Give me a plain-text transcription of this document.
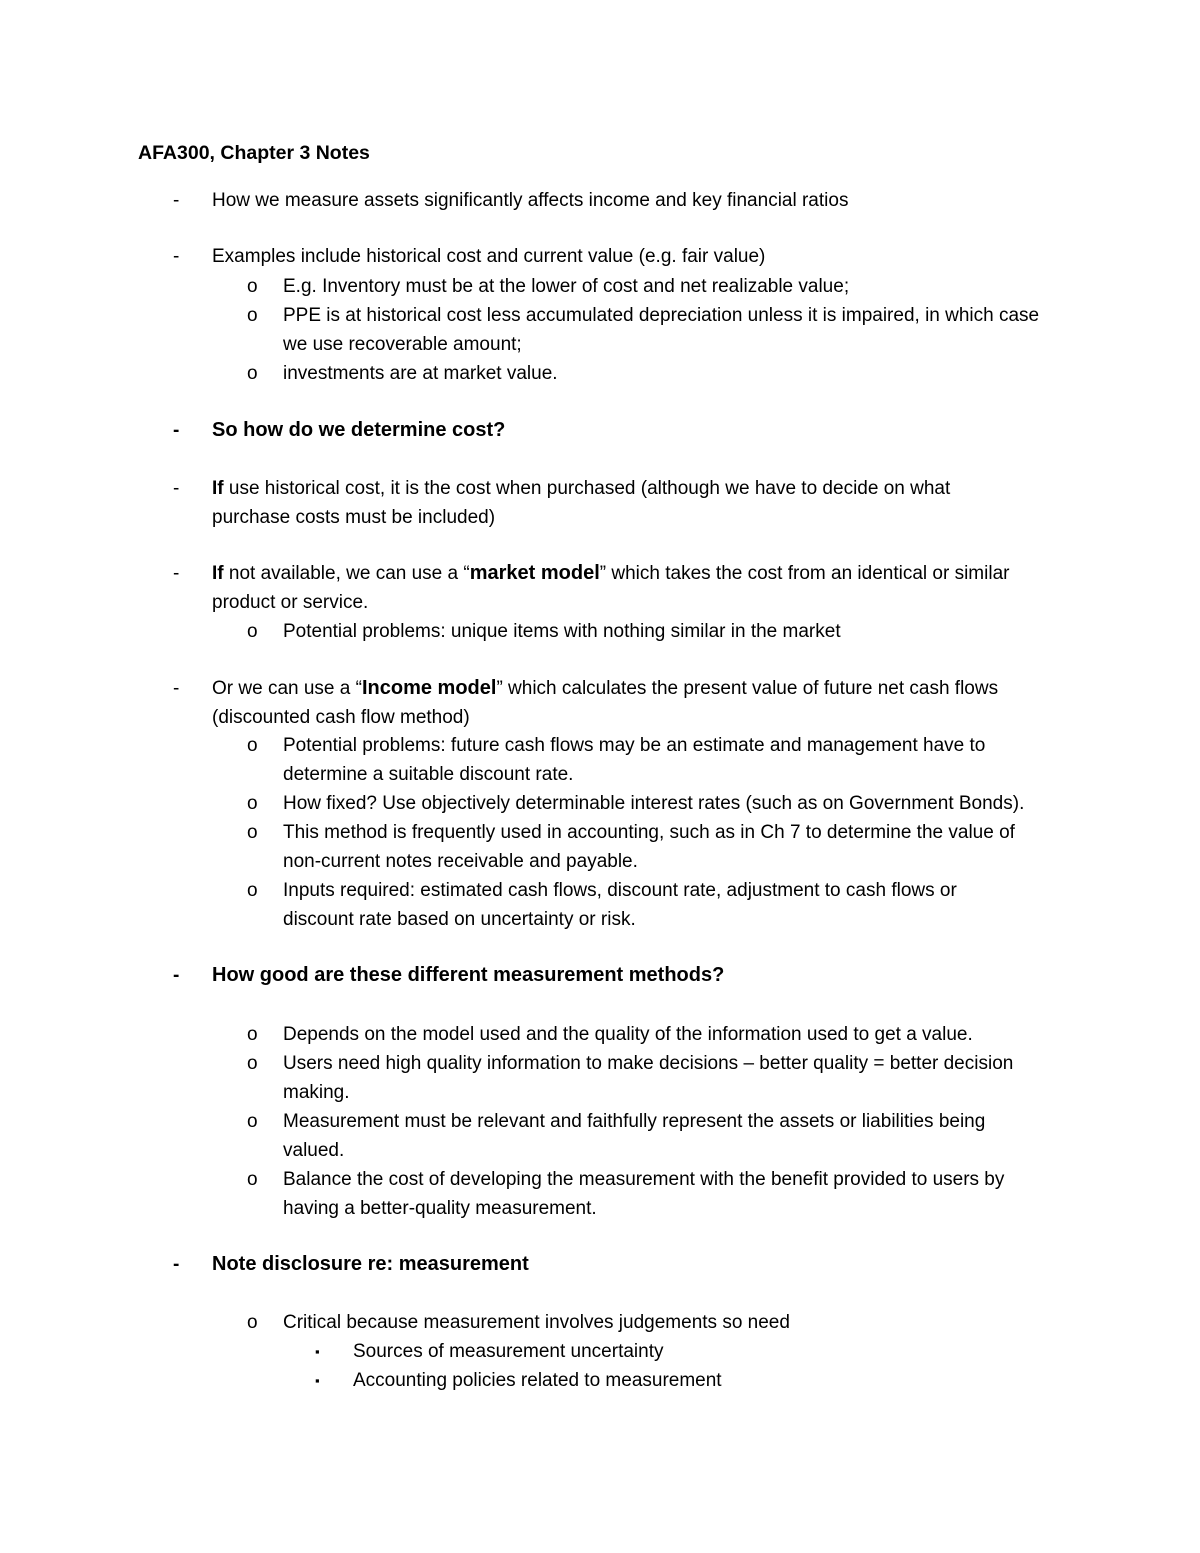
AFA300, Chapter 3 Notes
-	How we measure assets significantly affects income and key financial ratios
-	Examples include historical cost and current value (e.g. fair value)
o	E.g. Inventory must be at the lower of cost and net realizable value;
o	PPE is at historical cost less accumulated depreciation unless it is impaired, in which case
we use recoverable amount;
o	investments are at market value.
-	So how do we determine cost?
-	If use historical cost, it is the cost when purchased (although we have to decide on what
purchase costs must be included)
-	If not available, we can use a “market model” which takes the cost from an identical or similar
product or service.
o	Potential problems: unique items with nothing similar in the market
-	Or we can use a “Income model” which calculates the present value of future net cash flows
(discounted cash flow method)
o	Potential problems: future cash flows may be an estimate and management have to
determine a suitable discount rate.
o	How fixed? Use objectively determinable interest rates (such as on Government Bonds).
o	This method is frequently used in accounting, such as in Ch 7 to determine the value of
non-current notes receivable and payable.
o	Inputs required: estimated cash flows, discount rate, adjustment to cash flows or
discount rate based on uncertainty or risk.
-	How good are these different measurement methods?
o	Depends on the model used and the quality of the information used to get a value.
o	Users need high quality information to make decisions – better quality = better decision
making.
o	Measurement must be relevant and faithfully represent the assets or liabilities being
valued.
o	Balance the cost of developing the measurement with the benefit provided to users by
having a better-quality measurement.
-	Note disclosure re: measurement
o	Critical because measurement involves judgements so need
▪	Sources of measurement uncertainty
▪	Accounting policies related to measurement
